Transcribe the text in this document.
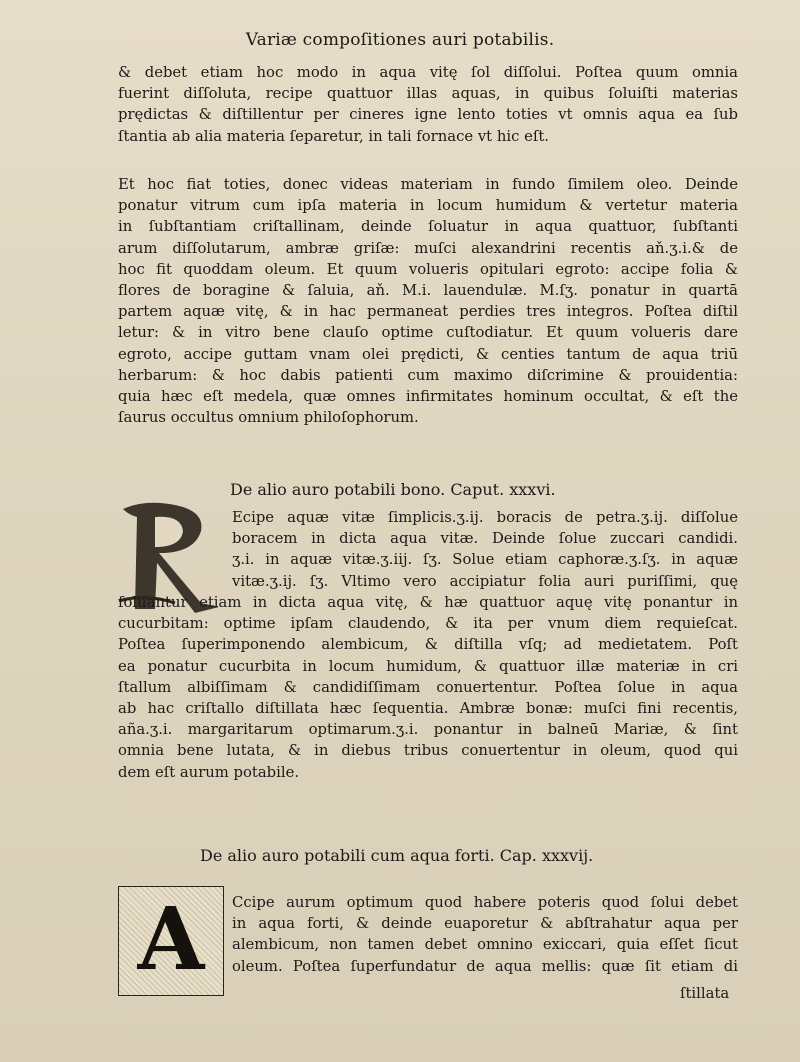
Variæ compoſitiones auri potabilis.
& debet etiam hoc modo in aqua vitę ſol diſſolui. Poſtea quum omnia
fuerint diſſoluta, recipe quattuor illas aquas, in quibus ſoluiſti materias
prędictas & diſtillentur per cineres igne lento toties vt omnis aqua ea ſub
ſtantia ab alia materia ſeparetur, in tali fornace vt hic eſt.
Et hoc fiat toties, donec videas materiam in fundo ſimilem oleo. Deinde
ponatur vitrum cum ipſa materia in locum humidum & vertetur materia
in ſubſtantiam criſtallinam, deinde ſoluatur in aqua quattuor, ſubſtanti
arum diſſolutarum, ambræ griſæ: muſci alexandrini recentis aň.ʒ.i.& de
hoc fit quoddam oleum. Et quum volueris opitulari egroto: accipe folia &
flores de boragine & ſaluia, aň. M.i. lauendulæ. M.ſʒ. ponatur in quartā
partem aquæ vitę, & in hac permaneat perdies tres integros. Poſtea diſtil
letur: & in vitro bene clauſo optime cuſtodiatur. Et quum volueris dare
egroto, accipe guttam vnam olei prędicti, & centies tantum de aqua triū
herbarum: & hoc dabis patienti cum maximo diſcrimine & prouidentia:
quia hæc eſt medela, quæ omnes infirmitates hominum occultat, & eſt the
ſaurus occultus omnium philoſophorum.
De alio auro potabili bono. Caput. xxxvi.
Ecipe aquæ vitæ ſimplicis.ʒ.ij. boracis de petra.ʒ.ij. diſſolue
boracem in dicta aqua vitæ. Deinde ſolue zuccari candidi.
ʒ.i. in aquæ vitæ.ʒ.iij. ſʒ. Solue etiam caphoræ.ʒ.ſʒ. in aquæ
vitæ.ʒ.ij. ſʒ. Vltimo vero accipiatur folia auri puriſſimi, quę
ſoluantur etiam in dicta aqua vitę, & hæ quattuor aquę vitę ponantur in
cucurbitam: optime ipſam claudendo, & ita per vnum diem requieſcat.
Poſtea ſuperimponendo alembicum, & diſtilla vſq; ad medietatem. Poſt
ea ponatur cucurbita in locum humidum, & quattuor illæ materiæ in cri
ſtallum albiſſimam & candidiſſimam conuertentur. Poſtea ſolue in aqua
ab hac criſtallo diſtillata hæc ſequentia. Ambræ bonæ: muſci fini recentis,
aña.ʒ.i. margaritarum optimarum.ʒ.i. ponantur in balneū Mariæ, & ſint
omnia bene lutata, & in diebus tribus conuertentur in oleum, quod qui
dem eſt aurum potabile.
De alio auro potabili cum aqua forti. Cap. xxxvij.
A	Ccipe aurum optimum quod habere poteris quod ſolui debet
in aqua forti, & deinde euaporetur & abſtrahatur aqua per
alembicum, non tamen debet omnino exiccari, quia eſſet ſicut
oleum. Poſtea ſuperfundatur de aqua mellis: quæ ſit etiam di
ſtillata
